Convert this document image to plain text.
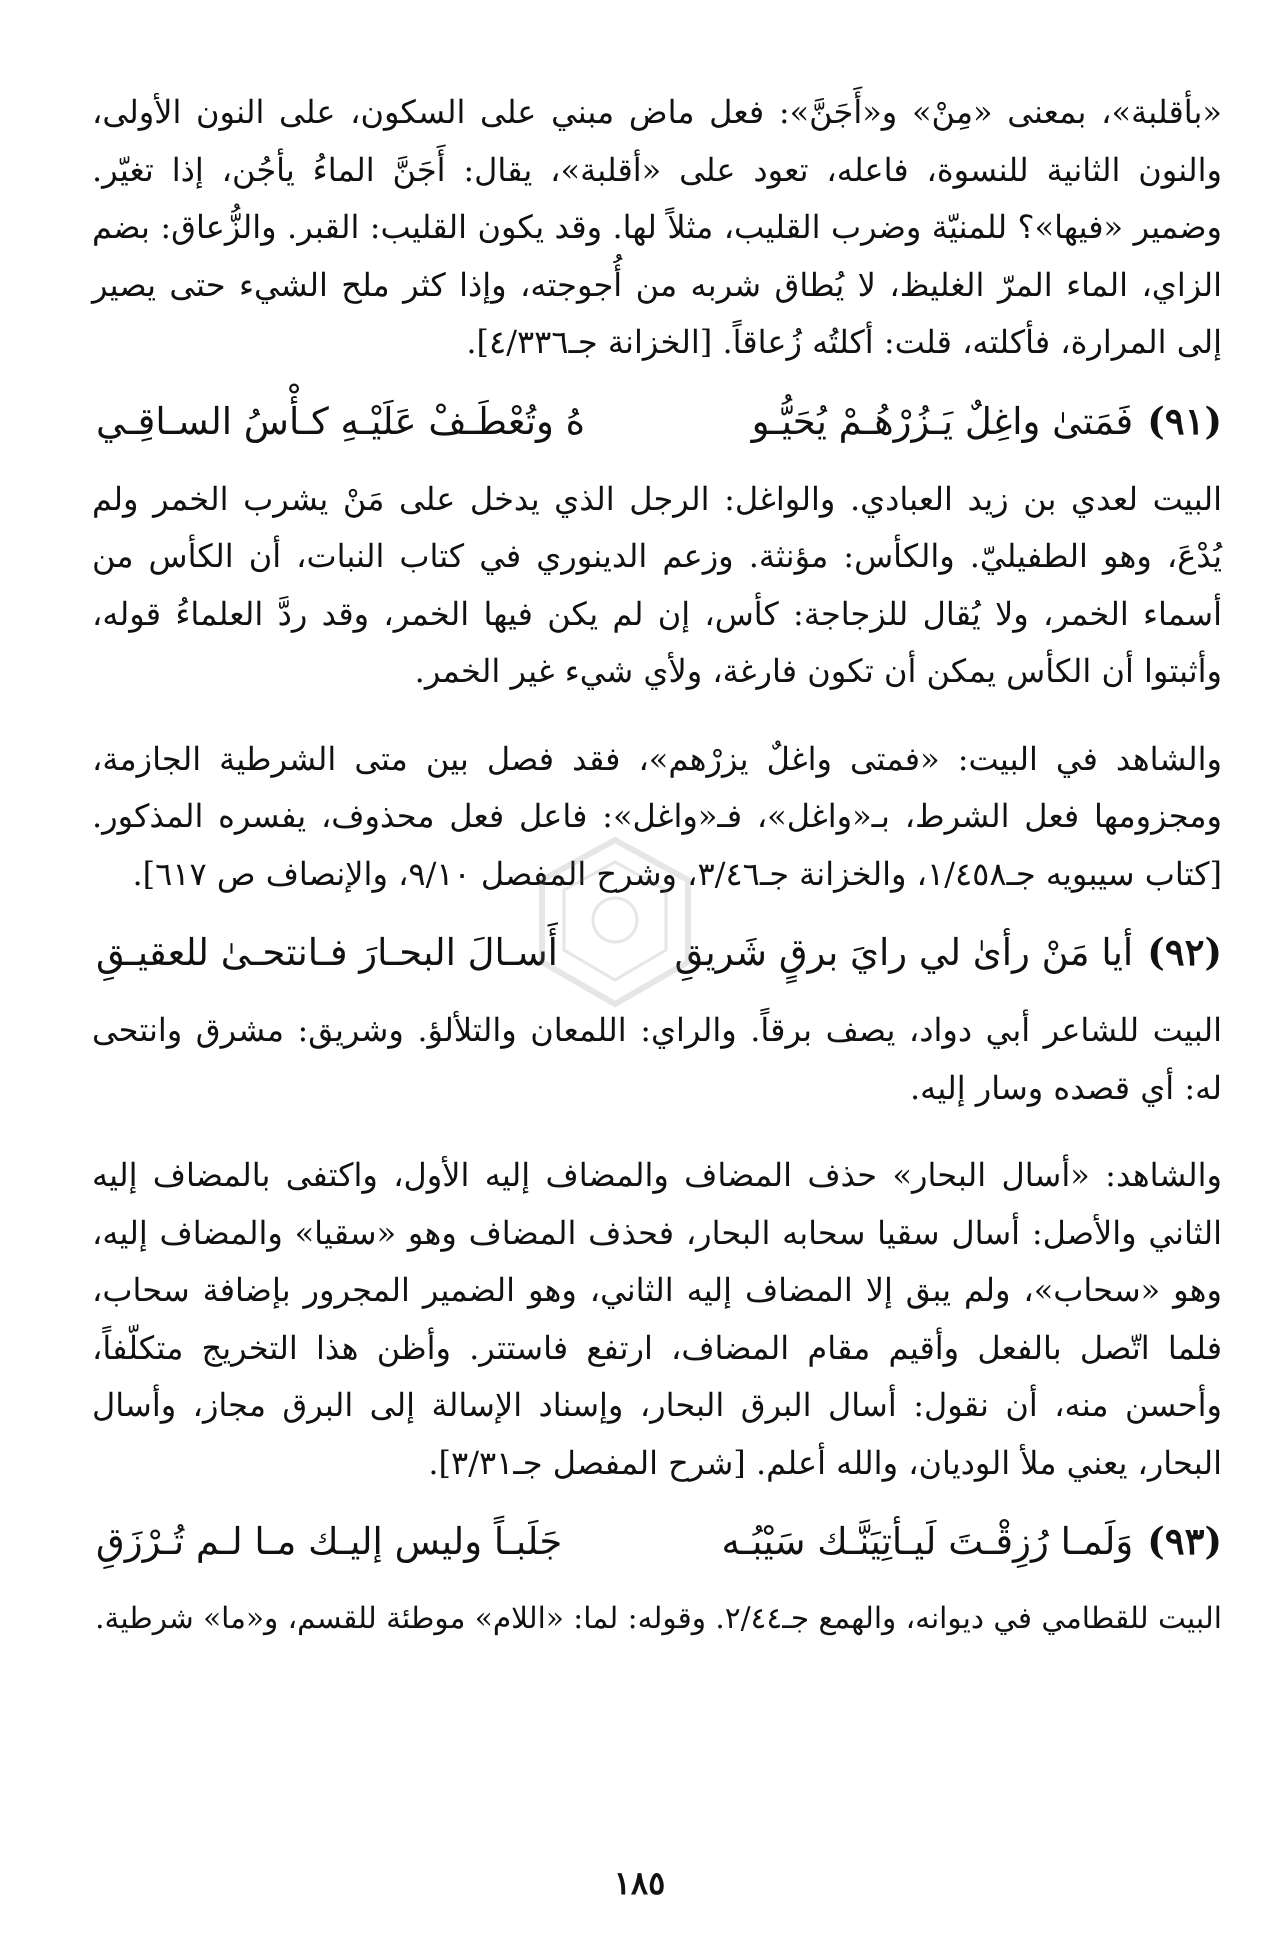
«بأقلبة»، بمعنى «مِنْ» و«أَجَنَّ»: فعل ماض مبني على السكون، على النون الأولى، والنون الثانية للنسوة، فاعله، تعود على «أقلبة»، يقال: أَجَنَّ الماءُ يأجُن، إذا تغيّر. وضمير «فيها»؟ للمنيّة وضرب القليب، مثلاً لها. وقد يكون القليب: القبر. والزُّعاق: بضم الزاي، الماء المرّ الغليظ، لا يُطاق شربه من أُجوجته، وإذا كثر ملح الشيء حتى يصير إلى المرارة، فأكلته، قلت: أكلتُه زُعاقاً. [الخزانة جـ٤/٣٣٦].

(٩١)فَمَتىٰ واغِلٌ يَـزُرْهُـمْ يُحَيُّـو
هُ وتُعْطَـفْ عَلَيْـهِ كـأْسُ السـاقِـي

البيت لعدي بن زيد العبادي. والواغل: الرجل الذي يدخل على مَنْ يشرب الخمر ولم يُدْعَ، وهو الطفيليّ. والكأس: مؤنثة. وزعم الدينوري في كتاب النبات، أن الكأس من أسماء الخمر، ولا يُقال للزجاجة: كأس، إن لم يكن فيها الخمر، وقد ردَّ العلماءُ قوله، وأثبتوا أن الكأس يمكن أن تكون فارغة، ولأي شيء غير الخمر.

والشاهد في البيت: «فمتى واغلٌ يزرْهم»، فقد فصل بين متى الشرطية الجازمة، ومجزومها فعل الشرط، بـ«واغل»، فـ«واغل»: فاعل فعل محذوف، يفسره المذكور. [كتاب سيبويه جـ١/٤٥٨، والخزانة جـ٣/٤٦، وشرح المفصل ٩/١٠، والإنصاف ص ٦١٧].

(٩٢)أيا مَنْ رأىٰ لي رايَ برقٍ شَريقِ
أَسـالَ البحـارَ فـانتحـىٰ للعقيـقِ

البيت للشاعر أبي دواد، يصف برقاً. والراي: اللمعان والتلألؤ. وشريق: مشرق وانتحى له: أي قصده وسار إليه.

والشاهد: «أسال البحار» حذف المضاف والمضاف إليه الأول، واكتفى بالمضاف إليه الثاني والأصل: أسال سقيا سحابه البحار، فحذف المضاف وهو «سقيا» والمضاف إليه، وهو «سحاب»، ولم يبق إلا المضاف إليه الثاني، وهو الضمير المجرور بإضافة سحاب، فلما اتّصل بالفعل وأقيم مقام المضاف، ارتفع فاستتر. وأظن هذا التخريج متكلّفاً، وأحسن منه، أن نقول: أسال البرق البحار، وإسناد الإسالة إلى البرق مجاز، وأسال البحار، يعني ملأ الوديان، والله أعلم. [شرح المفصل جـ٣/٣١].

(٩٣)وَلَمـا رُزِقْـتَ لَيـأتِيَنَّـك سَيْبُـه
جَلَبـاً وليس إليـك مـا لـم تُـرْزَقِ

البيت للقطامي في ديوانه، والهمع جـ٢/٤٤. وقوله: لما: «اللام» موطئة للقسم، و«ما» شرطية.

١٨٥
